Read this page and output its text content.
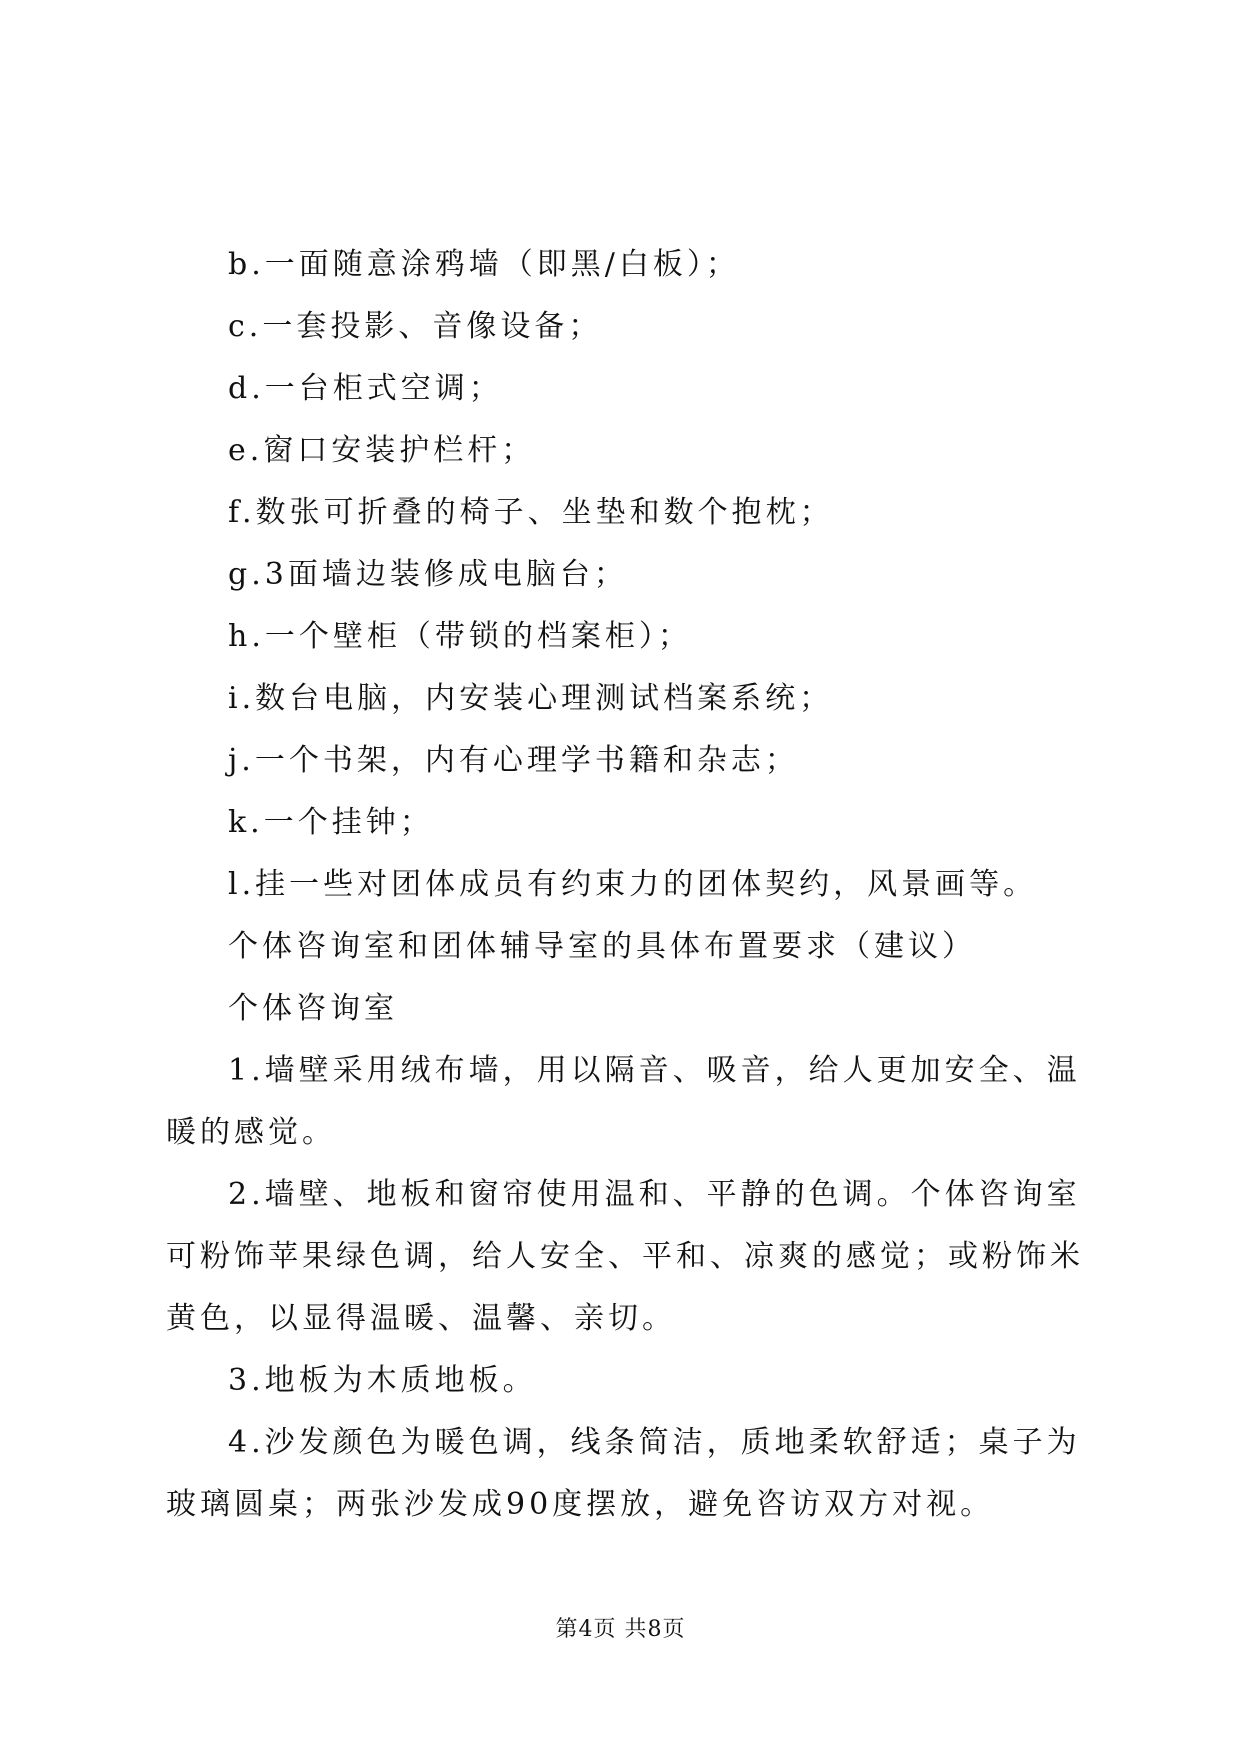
b.一面随意涂鸦墙（即黑/白板）；

c.一套投影、音像设备；

d.一台柜式空调；

e.窗口安装护栏杆；

f.数张可折叠的椅子、坐垫和数个抱枕；

g.3面墙边装修成电脑台；

h.一个壁柜（带锁的档案柜）；

i.数台电脑，内安装心理测试档案系统；

j.一个书架，内有心理学书籍和杂志；

k.一个挂钟；

l.挂一些对团体成员有约束力的团体契约，风景画等。

个体咨询室和团体辅导室的具体布置要求（建议）

个体咨询室

1.墙壁采用绒布墙，用以隔音、吸音，给人更加安全、温暖的感觉。

2.墙壁、地板和窗帘使用温和、平静的色调。个体咨询室可粉饰苹果绿色调，给人安全、平和、凉爽的感觉；或粉饰米黄色，以显得温暖、温馨、亲切。

3.地板为木质地板。

4.沙发颜色为暖色调，线条简洁，质地柔软舒适；桌子为玻璃圆桌；两张沙发成90度摆放，避免咨访双方对视。

第4页 共8页
